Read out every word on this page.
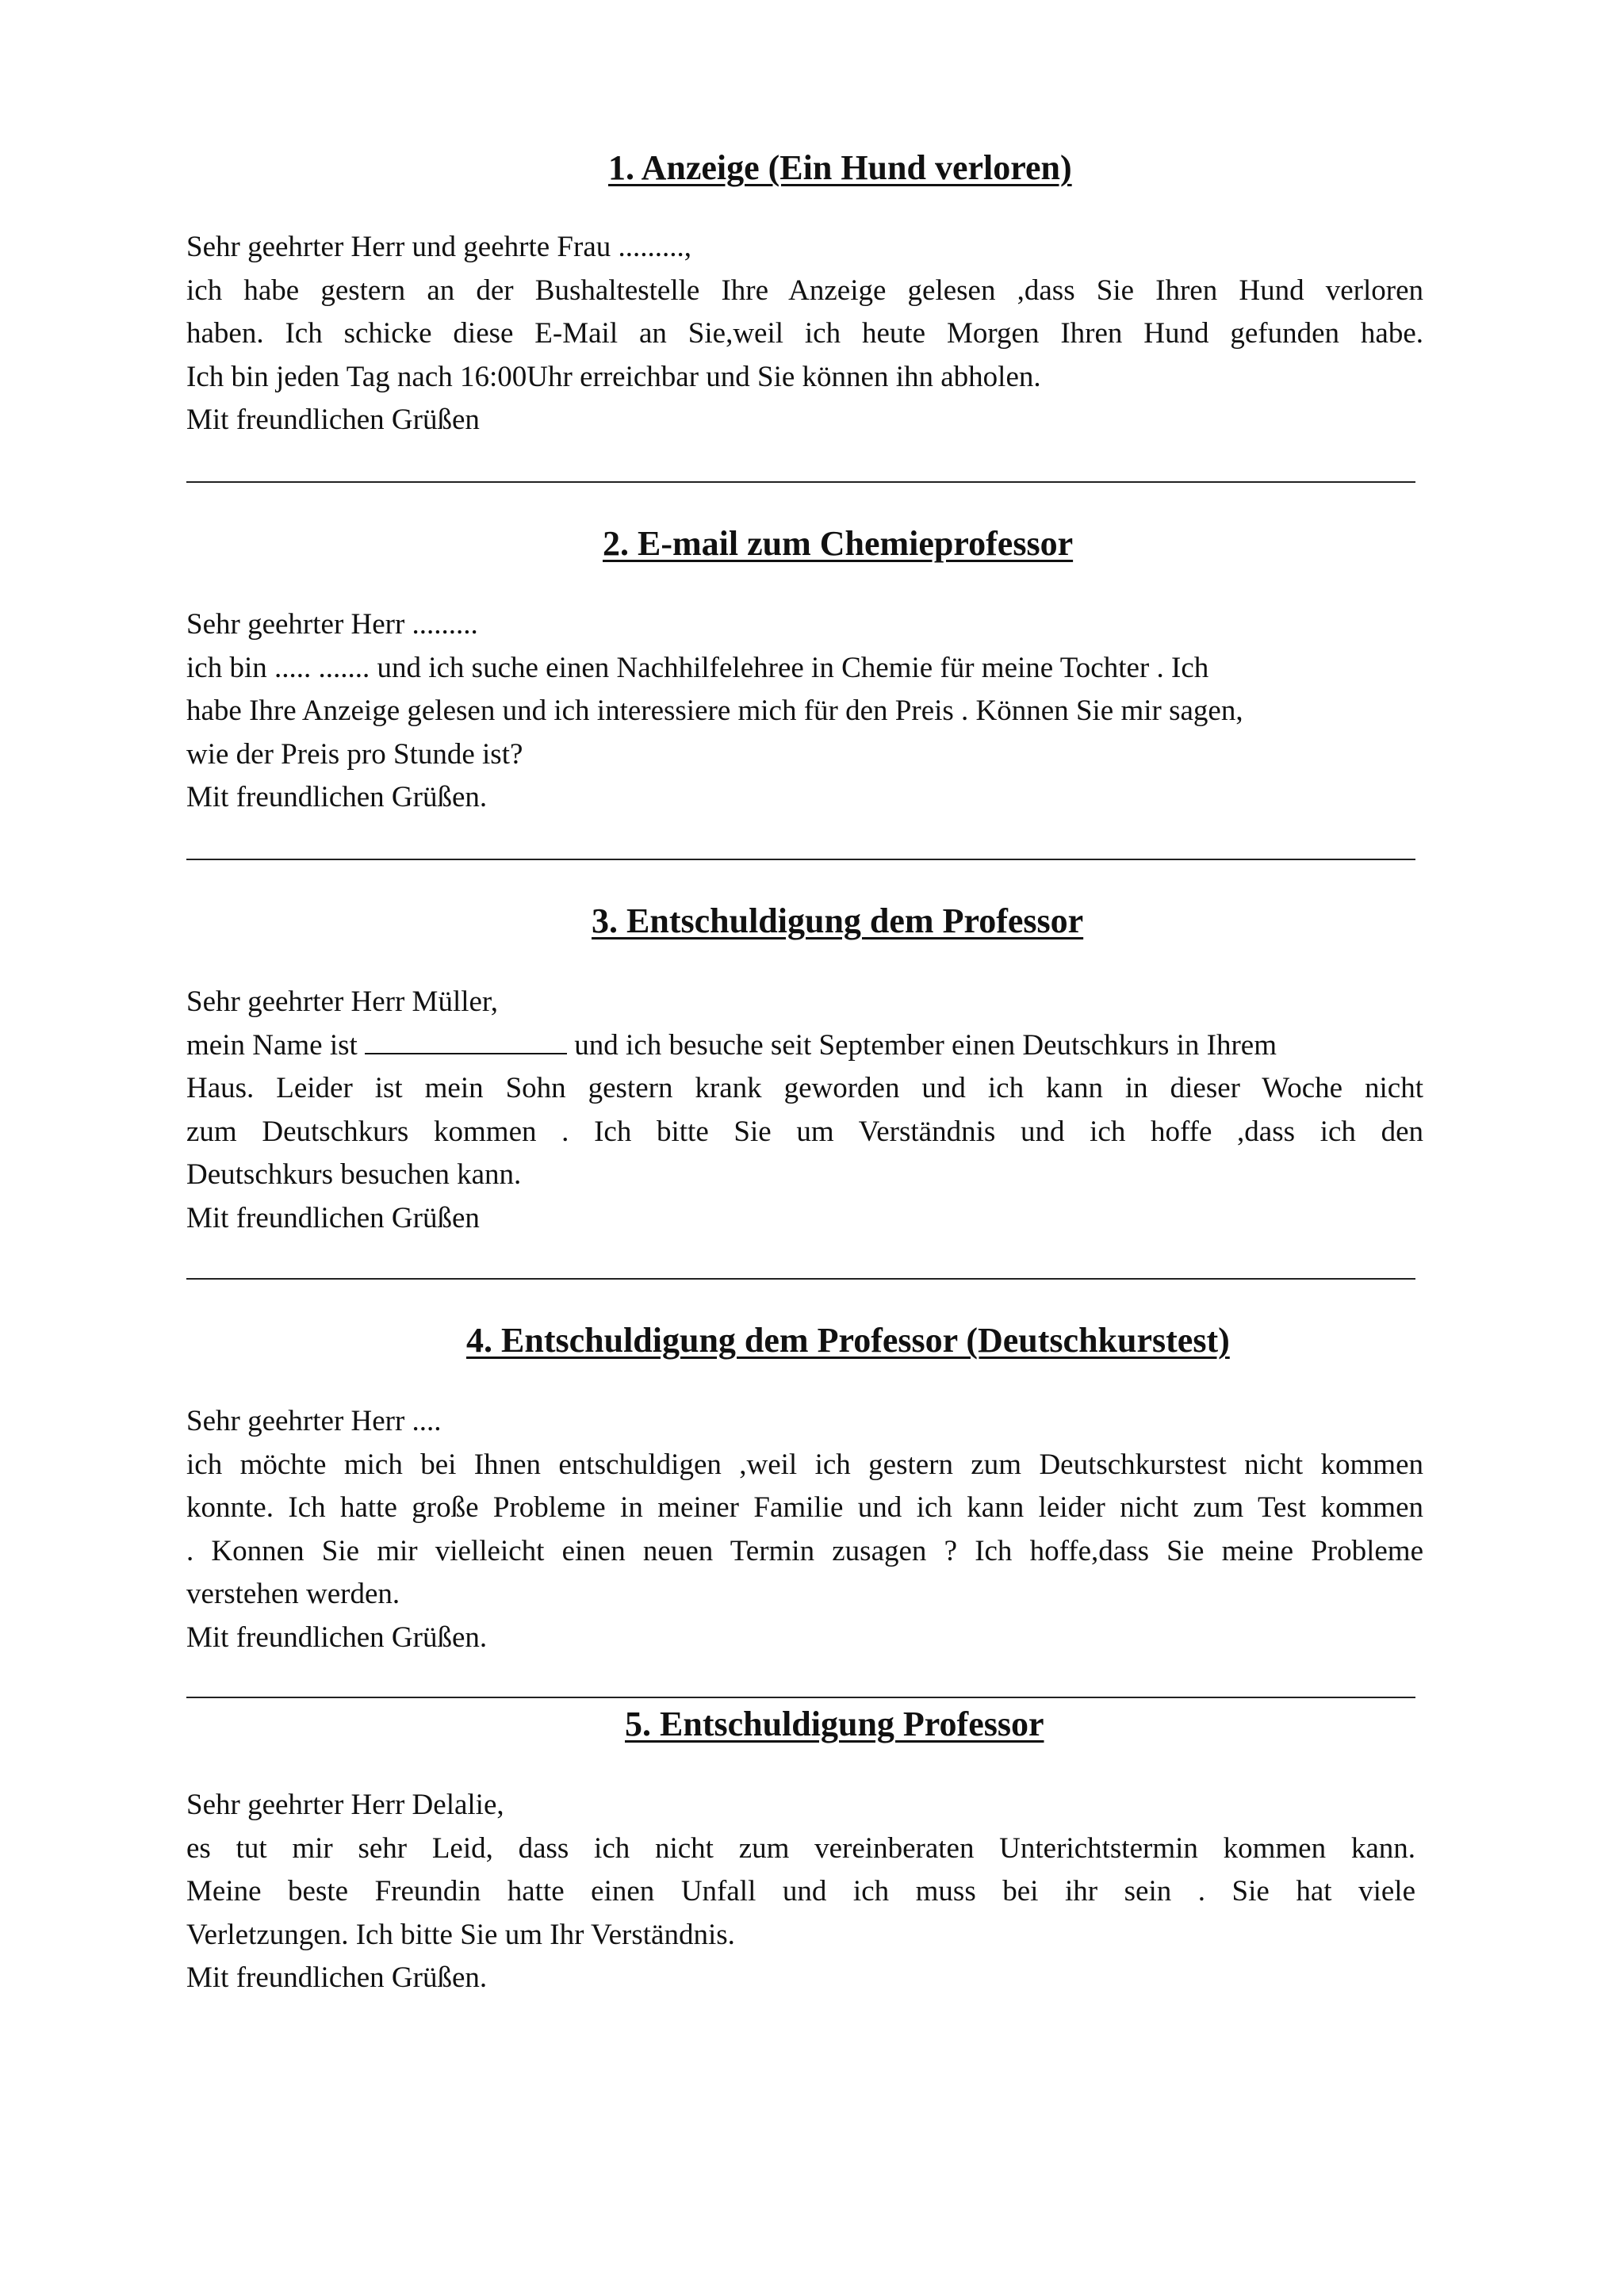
1. Anzeige (Ein Hund verloren)
Sehr geehrter Herr und geehrte Frau .........,
ich habe gestern an der Bushaltestelle Ihre Anzeige gelesen ,dass Sie Ihren Hund verloren
haben. Ich schicke diese E-Mail an Sie,weil ich heute Morgen Ihren Hund gefunden habe.
Ich bin jeden Tag nach 16:00Uhr erreichbar und Sie können ihn abholen.
Mit freundlichen Grüßen
2. E-mail zum Chemieprofessor
Sehr geehrter Herr .........
ich bin ..... ....... und ich suche einen Nachhilfelehree in Chemie für meine Tochter . Ich
habe Ihre Anzeige gelesen und ich interessiere mich für den Preis . Können Sie mir sagen,
wie der Preis pro Stunde ist?
Mit freundlichen Grüßen.
3. Entschuldigung dem Professor
Sehr geehrter Herr Müller,
mein Name ist	und ich besuche seit September einen Deutschkurs in Ihrem
Haus. Leider ist mein Sohn gestern krank geworden und ich kann in dieser Woche nicht
zum Deutschkurs kommen . Ich bitte Sie um Verständnis und ich hoffe ,dass ich den
Deutschkurs besuchen kann.
Mit freundlichen Grüßen
4. Entschuldigung dem Professor (Deutschkurstest)
Sehr geehrter Herr ....
ich möchte mich bei Ihnen entschuldigen ,weil ich gestern zum Deutschkurstest nicht kommen
konnte. Ich hatte große Probleme in meiner Familie und ich kann leider nicht zum Test kommen
. Konnen Sie mir vielleicht einen neuen Termin zusagen ? Ich hoffe,dass Sie meine Probleme
verstehen werden.
Mit freundlichen Grüßen.
5. Entschuldigung Professor
Sehr geehrter Herr Delalie,
es tut mir sehr Leid, dass ich nicht zum vereinberaten Unterichtstermin kommen kann.
Meine beste Freundin hatte einen Unfall und ich muss bei ihr sein . Sie hat viele
Verletzungen. Ich bitte Sie um Ihr Verständnis.
Mit freundlichen Grüßen.
